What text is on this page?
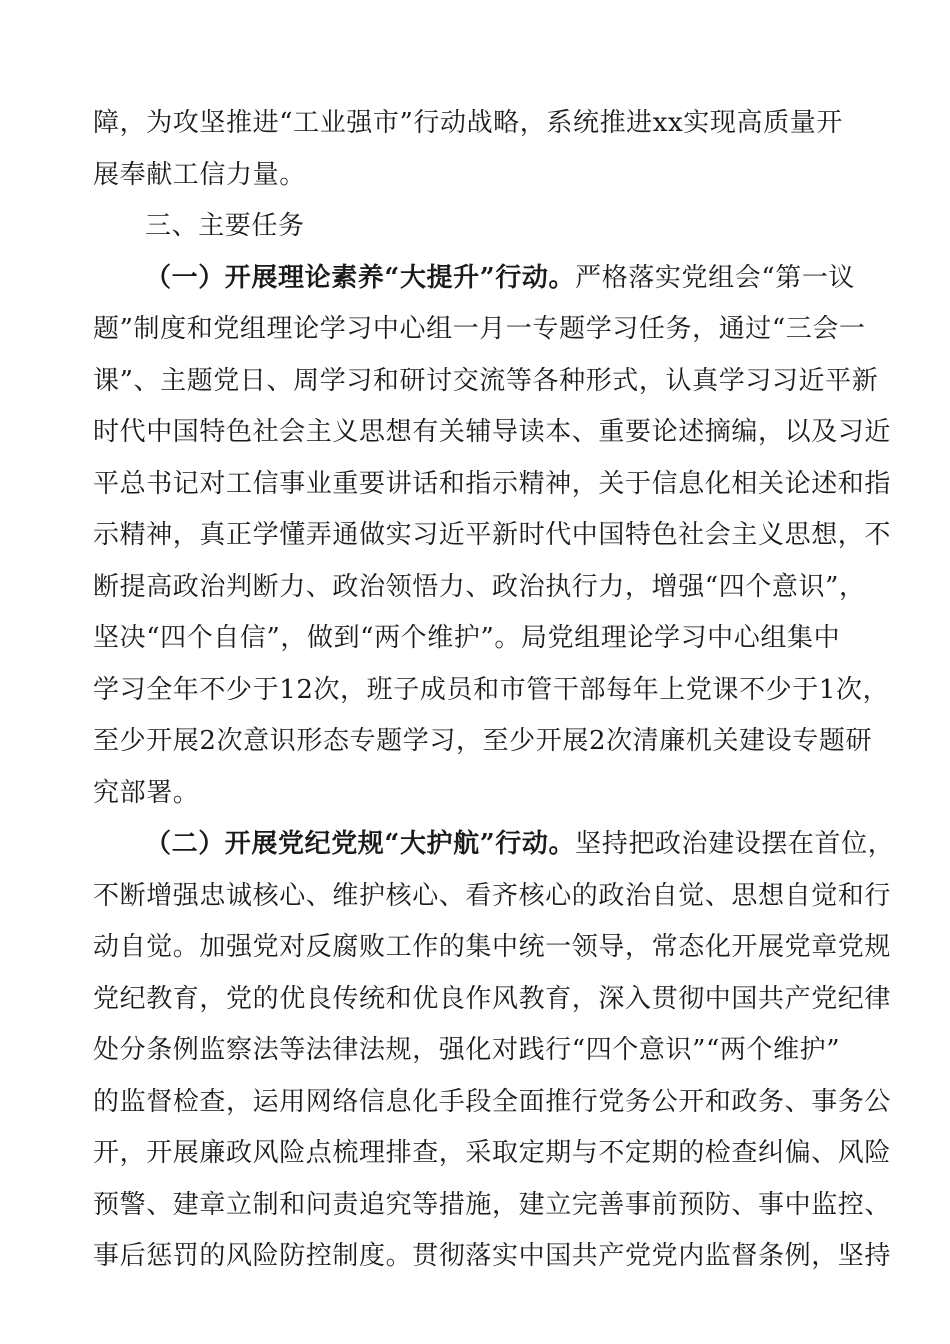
障，为攻坚推进“工业强市”行动战略，系统推进xx实现高质量开
展奉献工信力量。
三、主要任务
（一）开展理论素养“大提升”行动。严格落实党组会“第一议
题”制度和党组理论学习中心组一月一专题学习任务，通过“三会一
课”、主题党日、周学习和研讨交流等各种形式，认真学习习近平新
时代中国特色社会主义思想有关辅导读本、重要论述摘编，以及习近
平总书记对工信事业重要讲话和指示精神，关于信息化相关论述和指
示精神，真正学懂弄通做实习近平新时代中国特色社会主义思想，不
断提高政治判断力、政治领悟力、政治执行力，增强“四个意识”，
坚决“四个自信”，做到“两个维护”。局党组理论学习中心组集中
学习全年不少于12次，班子成员和市管干部每年上党课不少于1次，
至少开展2次意识形态专题学习，至少开展2次清廉机关建设专题研
究部署。
（二）开展党纪党规“大护航”行动。坚持把政治建设摆在首位，
不断增强忠诚核心、维护核心、看齐核心的政治自觉、思想自觉和行
动自觉。加强党对反腐败工作的集中统一领导，常态化开展党章党规
党纪教育，党的优良传统和优良作风教育，深入贯彻中国共产党纪律
处分条例监察法等法律法规，强化对践行“四个意识”“两个维护”
的监督检查，运用网络信息化手段全面推行党务公开和政务、事务公
开，开展廉政风险点梳理排查，采取定期与不定期的检查纠偏、风险
预警、建章立制和问责追究等措施，建立完善事前预防、事中监控、
事后惩罚的风险防控制度。贯彻落实中国共产党党内监督条例，坚持
